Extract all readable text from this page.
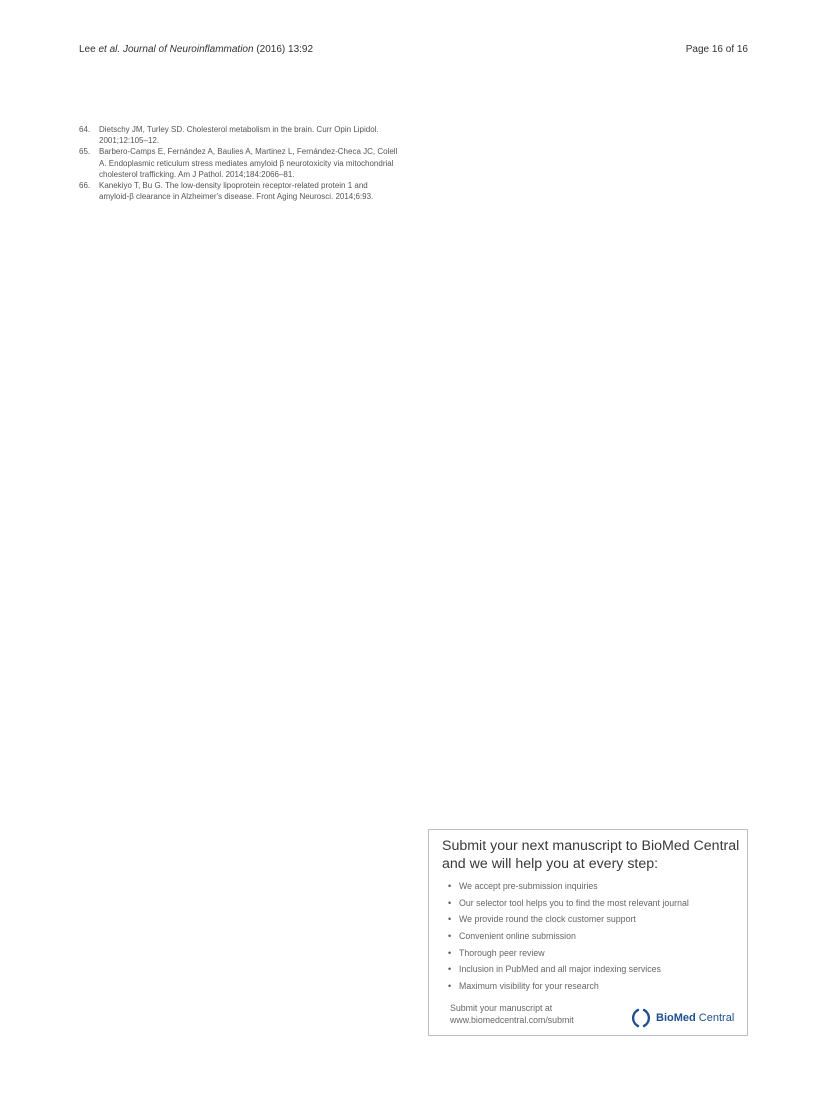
Lee et al. Journal of Neuroinflammation (2016) 13:92	Page 16 of 16
64.	Dietschy JM, Turley SD. Cholesterol metabolism in the brain. Curr Opin Lipidol. 2001;12:105–12.
65.	Barbero-Camps E, Fernández A, Baulies A, Martinez L, Fernández-Checa JC, Colell A. Endoplasmic reticulum stress mediates amyloid β neurotoxicity via mitochondrial cholesterol trafficking. Am J Pathol. 2014;184:2066–81.
66.	Kanekiyo T, Bu G. The low-density lipoprotein receptor-related protein 1 and amyloid-β clearance in Alzheimer's disease. Front Aging Neurosci. 2014;6:93.
Submit your next manuscript to BioMed Central
and we will help you at every step:
• We accept pre-submission inquiries
• Our selector tool helps you to find the most relevant journal
• We provide round the clock customer support
• Convenient online submission
• Thorough peer review
• Inclusion in PubMed and all major indexing services
• Maximum visibility for your research
Submit your manuscript at
www.biomedcentral.com/submit	BioMed Central
